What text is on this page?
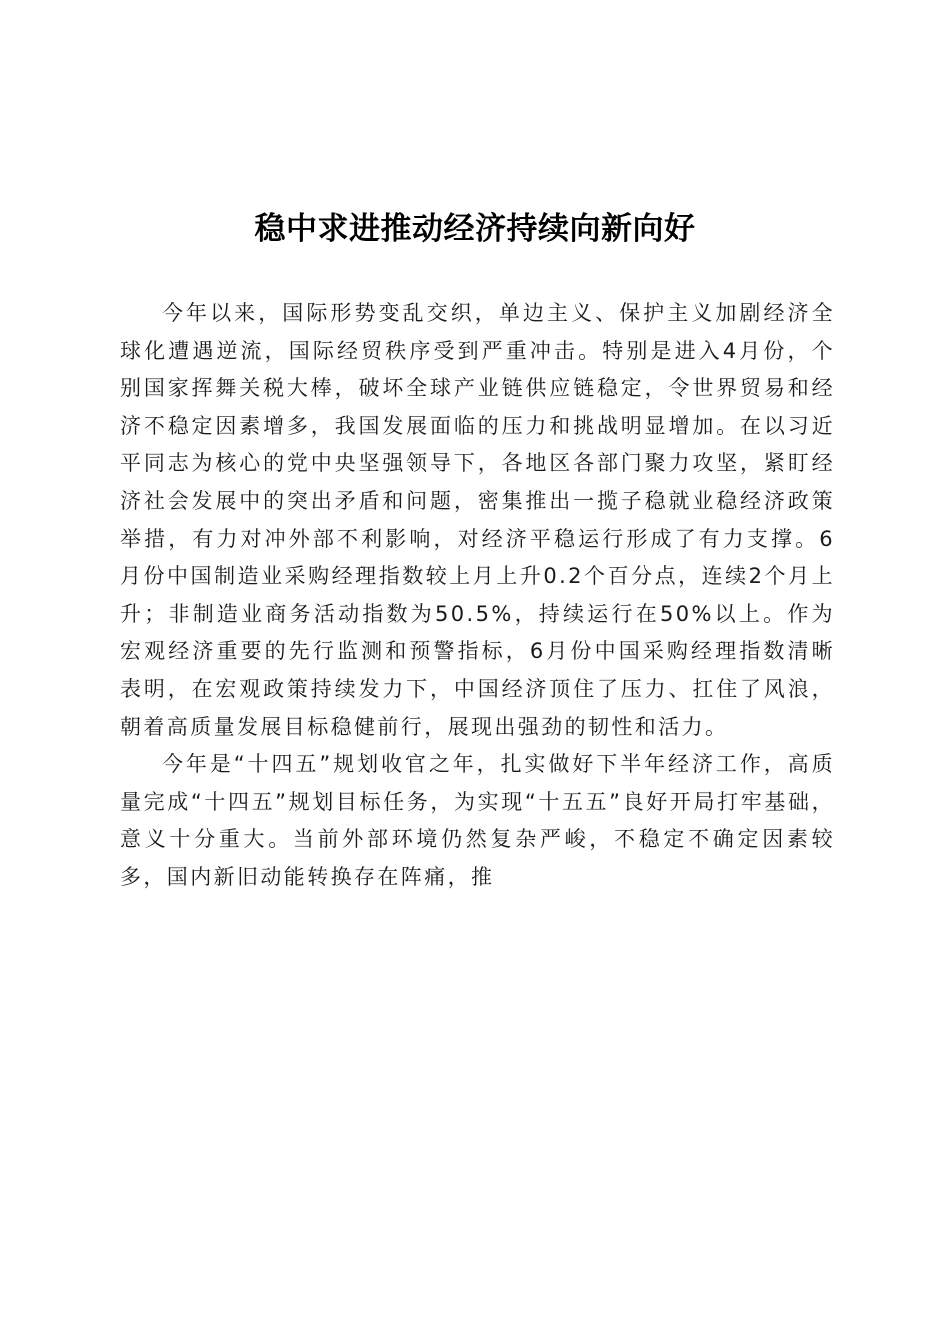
稳中求进推动经济持续向新向好

今年以来，国际形势变乱交织，单边主义、保护主义加剧经济全球化遭遇逆流，国际经贸秩序受到严重冲击。特别是进入4月份，个别国家挥舞关税大棒，破坏全球产业链供应链稳定，令世界贸易和经济不稳定因素增多，我国发展面临的压力和挑战明显增加。在以习近平同志为核心的党中央坚强领导下，各地区各部门聚力攻坚，紧盯经济社会发展中的突出矛盾和问题，密集推出一揽子稳就业稳经济政策举措，有力对冲外部不利影响，对经济平稳运行形成了有力支撑。6月份中国制造业采购经理指数较上月上升0.2个百分点，连续2个月上升；非制造业商务活动指数为50.5%，持续运行在50%以上。作为宏观经济重要的先行监测和预警指标，6月份中国采购经理指数清晰表明，在宏观政策持续发力下，中国经济顶住了压力、扛住了风浪，朝着高质量发展目标稳健前行，展现出强劲的韧性和活力。

今年是“十四五”规划收官之年，扎实做好下半年经济工作，高质量完成“十四五”规划目标任务，为实现“十五五”良好开局打牢基础，意义十分重大。当前外部环境仍然复杂严峻，不稳定不确定因素较多，国内新旧动能转换存在阵痛，推
